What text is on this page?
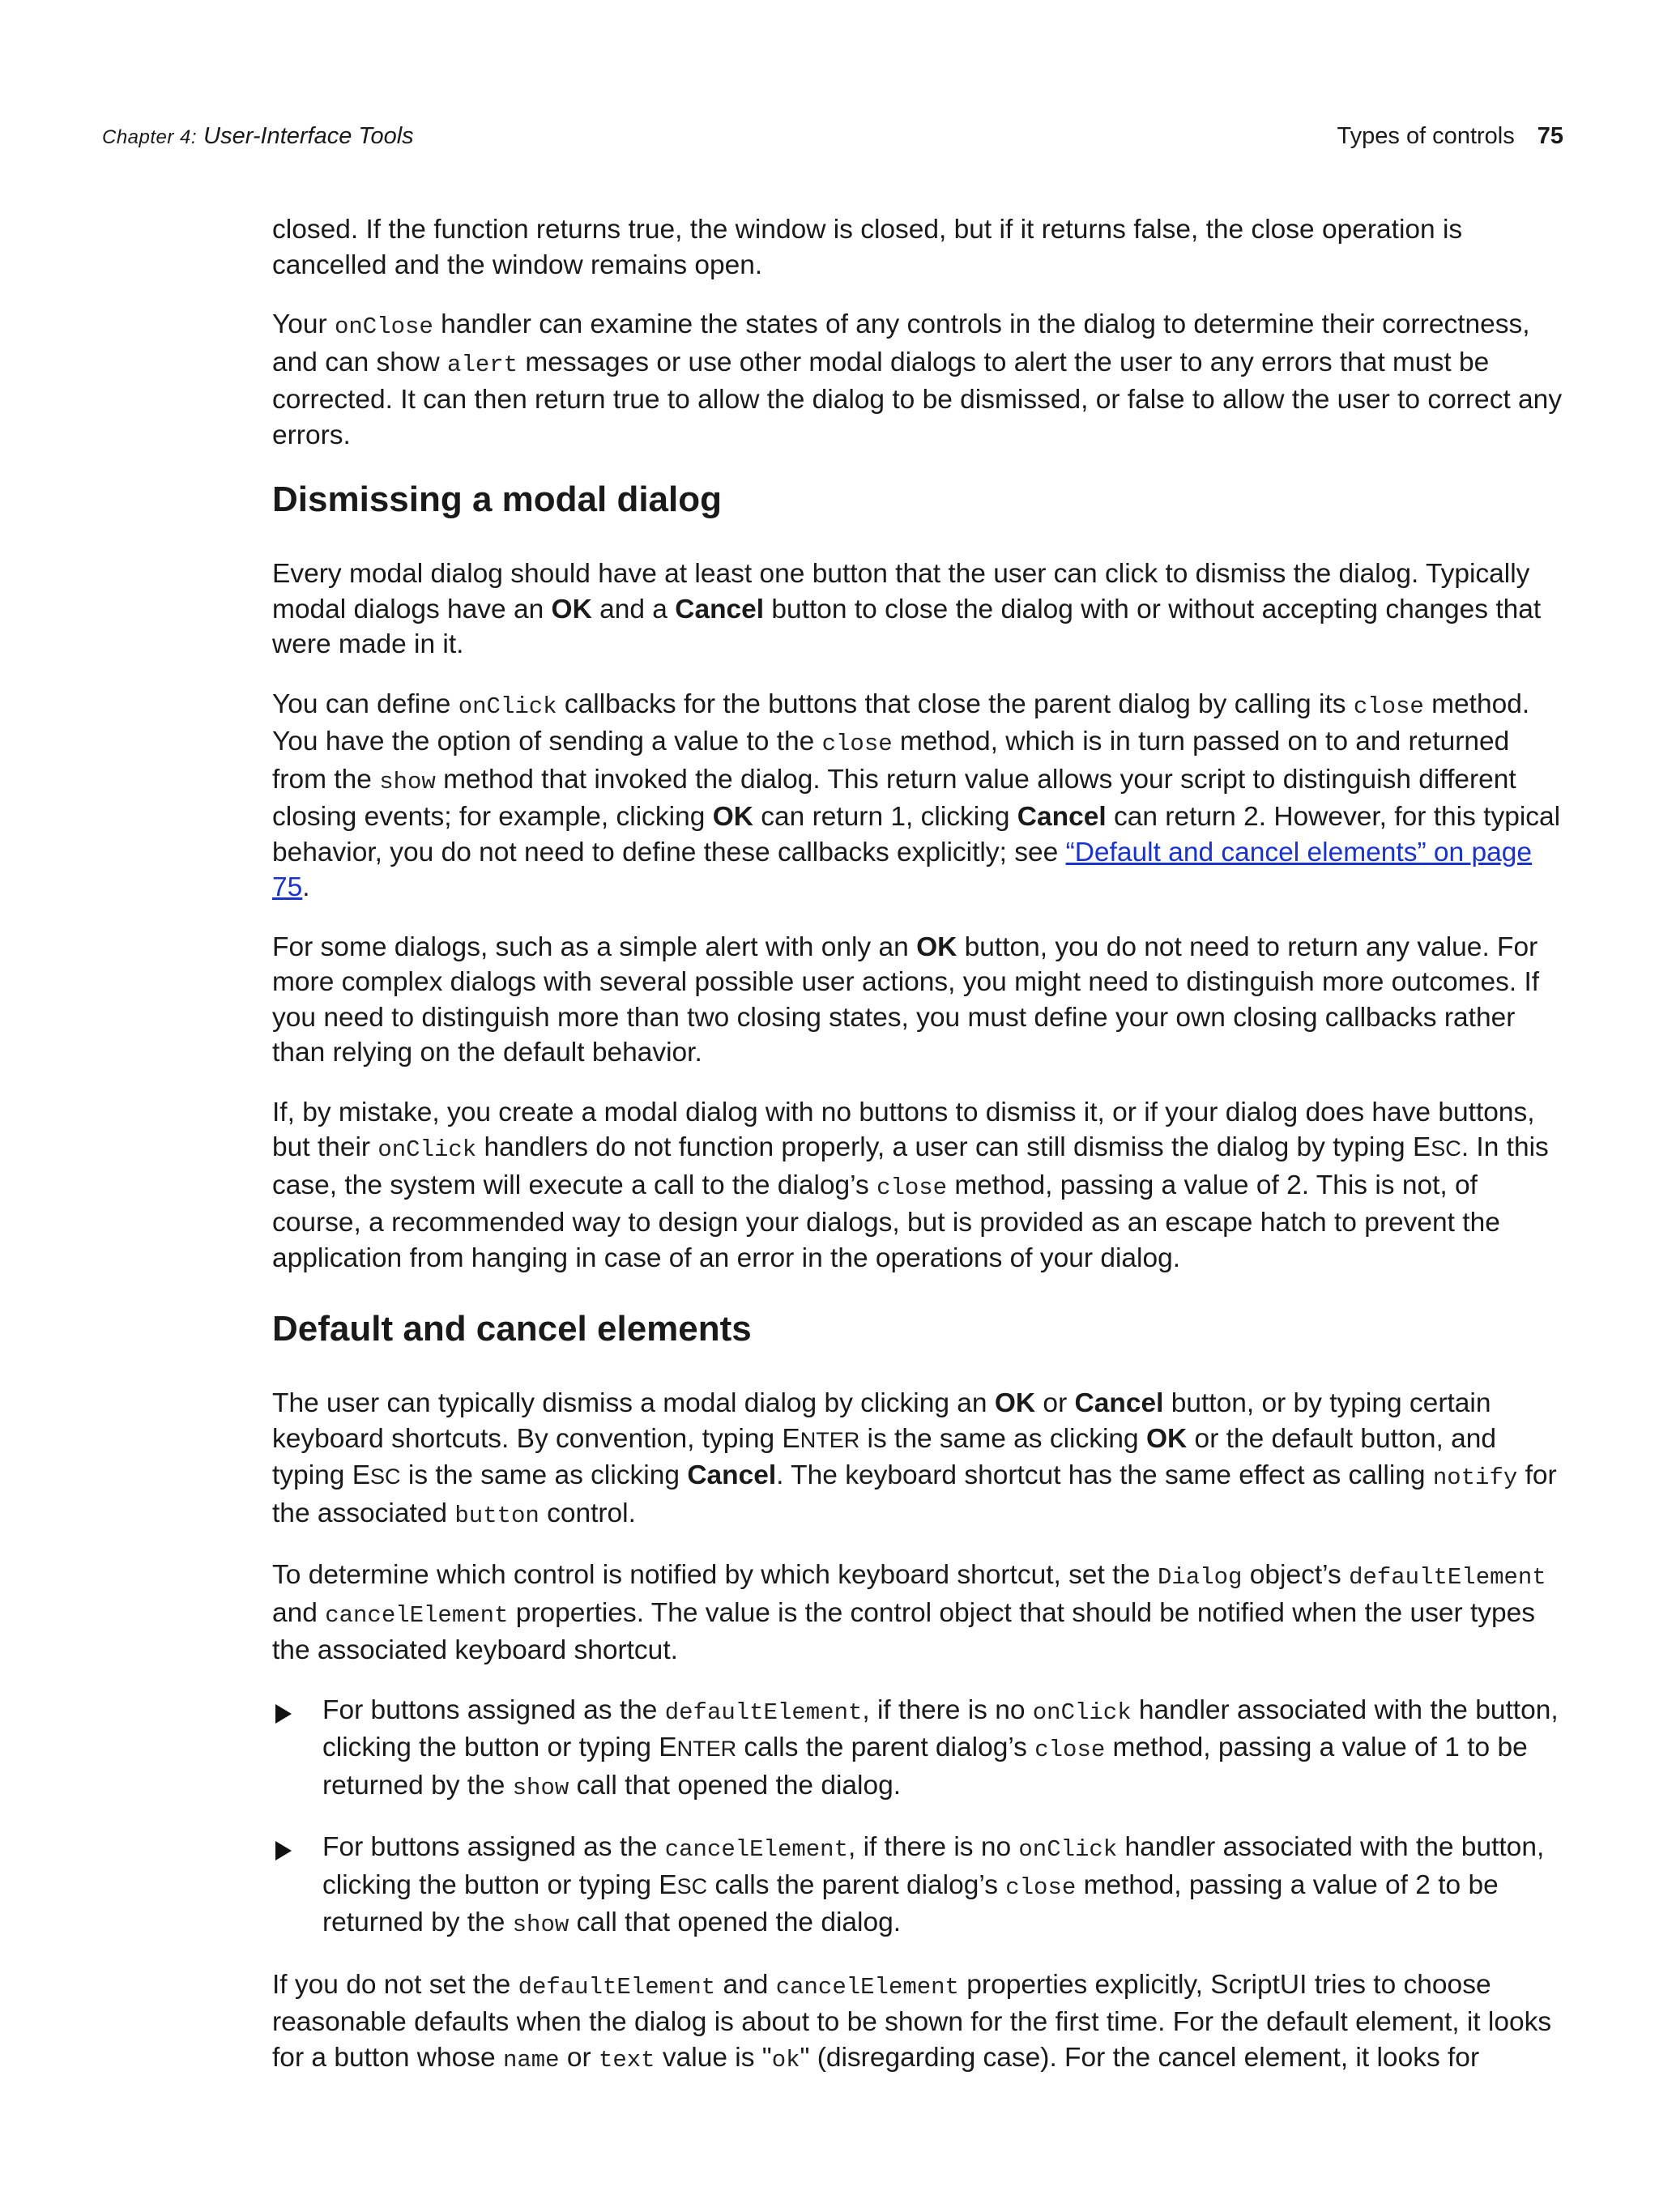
Chapter 4: User-Interface Tools	Types of controls 75

closed. If the function returns true, the window is closed, but if it returns false, the close operation is cancelled and the window remains open.

Your onClose handler can examine the states of any controls in the dialog to determine their correctness, and can show alert messages or use other modal dialogs to alert the user to any errors that must be corrected. It can then return true to allow the dialog to be dismissed, or false to allow the user to correct any errors.

Dismissing a modal dialog

Every modal dialog should have at least one button that the user can click to dismiss the dialog. Typically modal dialogs have an OK and a Cancel button to close the dialog with or without accepting changes that were made in it.

You can define onClick callbacks for the buttons that close the parent dialog by calling its close method. You have the option of sending a value to the close method, which is in turn passed on to and returned from the show method that invoked the dialog. This return value allows your script to distinguish different closing events; for example, clicking OK can return 1, clicking Cancel can return 2. However, for this typical behavior, you do not need to define these callbacks explicitly; see “Default and cancel elements” on page 75.

For some dialogs, such as a simple alert with only an OK button, you do not need to return any value. For more complex dialogs with several possible user actions, you might need to distinguish more outcomes. If you need to distinguish more than two closing states, you must define your own closing callbacks rather than relying on the default behavior.

If, by mistake, you create a modal dialog with no buttons to dismiss it, or if your dialog does have buttons, but their onClick handlers do not function properly, a user can still dismiss the dialog by typing ESC. In this case, the system will execute a call to the dialog’s close method, passing a value of 2. This is not, of course, a recommended way to design your dialogs, but is provided as an escape hatch to prevent the application from hanging in case of an error in the operations of your dialog.

Default and cancel elements

The user can typically dismiss a modal dialog by clicking an OK or Cancel button, or by typing certain keyboard shortcuts. By convention, typing ENTER is the same as clicking OK or the default button, and typing ESC is the same as clicking Cancel. The keyboard shortcut has the same effect as calling notify for the associated button control.

To determine which control is notified by which keyboard shortcut, set the Dialog object’s defaultElement and cancelElement properties. The value is the control object that should be notified when the user types the associated keyboard shortcut.

For buttons assigned as the defaultElement, if there is no onClick handler associated with the button, clicking the button or typing ENTER calls the parent dialog’s close method, passing a value of 1 to be returned by the show call that opened the dialog.
For buttons assigned as the cancelElement, if there is no onClick handler associated with the button, clicking the button or typing ESC calls the parent dialog’s close method, passing a value of 2 to be returned by the show call that opened the dialog.

If you do not set the defaultElement and cancelElement properties explicitly, ScriptUI tries to choose reasonable defaults when the dialog is about to be shown for the first time. For the default element, it looks for a button whose name or text value is "ok" (disregarding case). For the cancel element, it looks for
